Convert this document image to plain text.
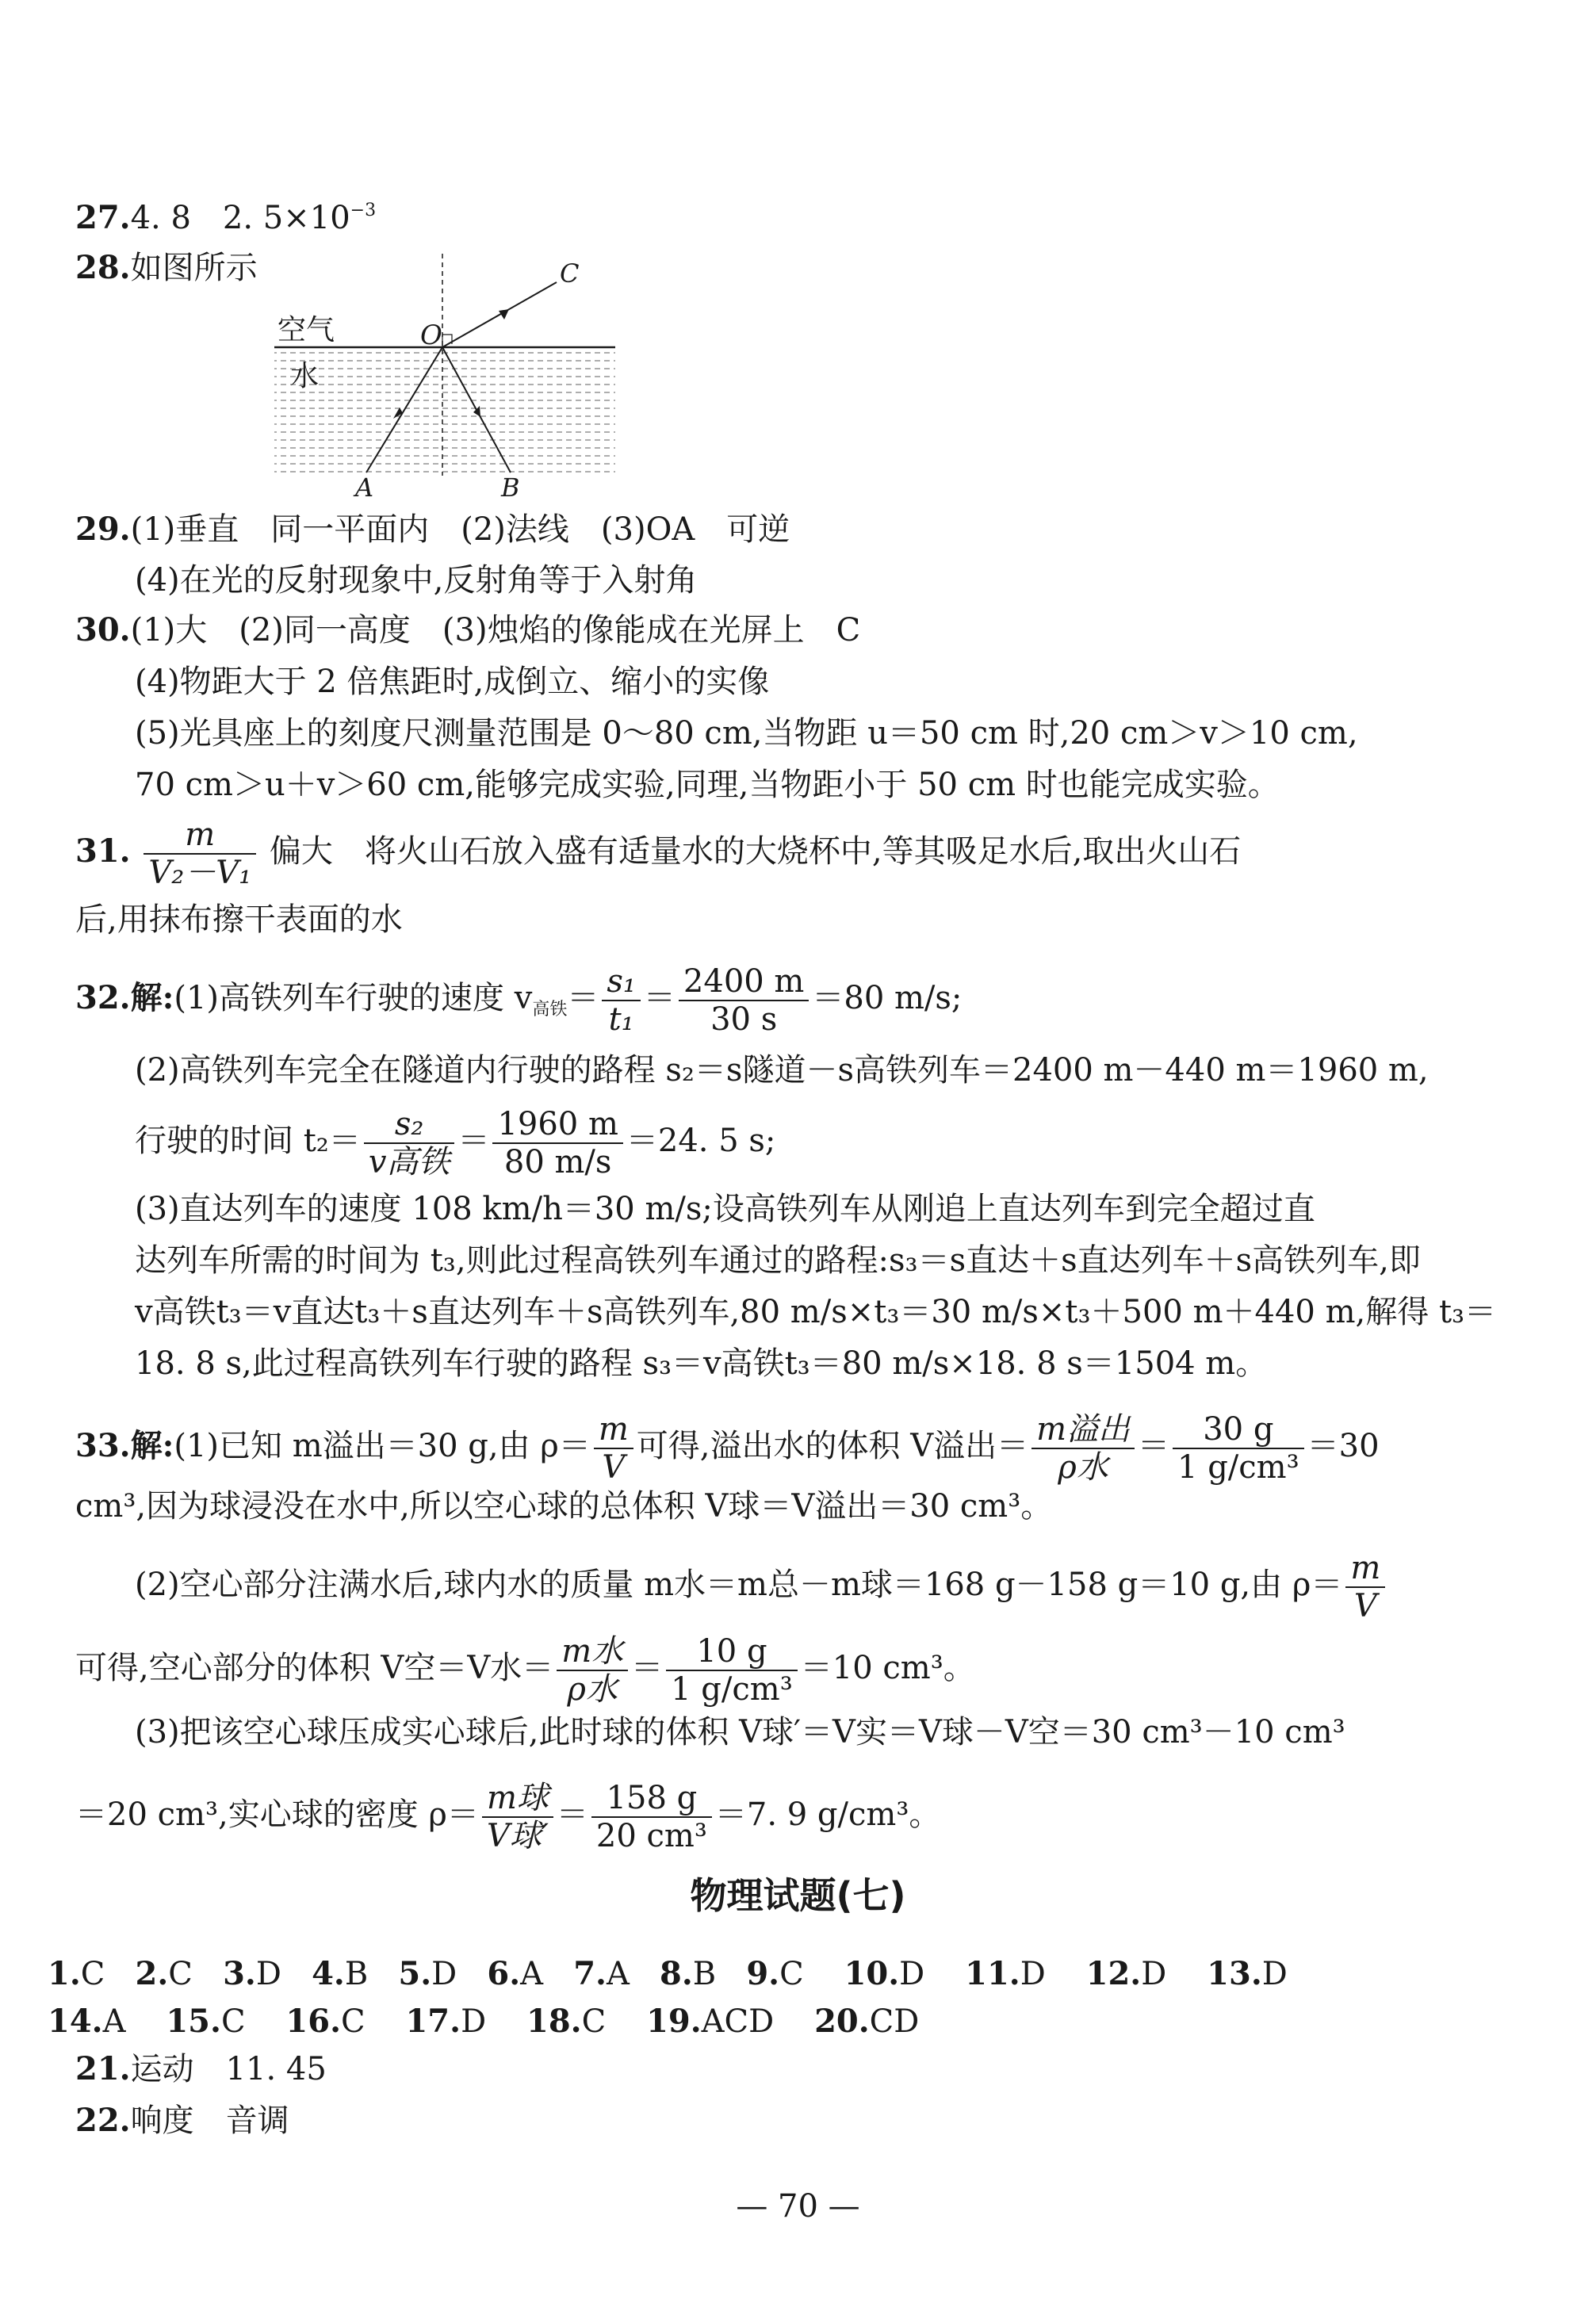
27.4. 8　2. $5\times 10^{-3}$
28.如图所示
空气
水
O
A	B
C
29.(1)垂直　同一平面内　(2)法线　(3)OA　可逆
(4)在光的反射现象中,反射角等于入射角
30.(1)大　(2)同一高度　(3)烛焰的像能成在光屏上　C
(4)物距大于 2 倍焦距时,成倒立、缩小的实像
(5)光具座上的刻度尺测量范围是 0～80 cm,当物距 u＝50 cm 时,20 cm＞v＞10 cm,
70 cm＞u＋v＞60 cm,能够完成实验,同理,当物距小于 50 cm 时也能完成实验。
31. $\frac{m}{\text{V₂－V₁}}$ 偏大　将火山石放入盛有适量水的大烧杯中,等其吸足水后,取出火山石
后,用抹布擦干表面的水
32.解:(1)高铁列车行驶的速度 $v_{高铁}= \frac{\text{s₁}}{\text{t₁}} = \frac{2400 m}{30 s} =80$ m/s;
(2)高铁列车完全在隧道内行驶的路程 s₂＝s隧道－s高铁列车＝2400 m－440 m＝1960 m,
行驶的时间 t₂＝	s₂
v高铁
＝ $\frac{1960 m}{80 m/s} =24$. 5 s;
(3)直达列车的速度 108 km/h＝30 m/s;设高铁列车从刚追上直达列车到完全超过直
达列车所需的时间为 t₃,则此过程高铁列车通过的路程:s₃＝s直达＋s直达列车＋s高铁列车,即
v高铁t₃＝v直达t₃＋s直达列车＋s高铁列车,80 m/s×t₃＝30 m/s×t₃＋500 m＋440 m,解得 t₃＝
18. 8 s,此过程高铁列车行驶的路程 s₃＝v高铁t₃＝80 m/s×18. 8 s＝1504 m。
33.解:(1)已知 m溢出＝30 g,由 $\rho= \frac{m}{V}$ 可得,溢出水的体积 V溢出＝ m溢出
ρ水
＝ $\frac{30 g}{\text{1 g/cm³}} =30$
cm³,因为球浸没在水中,所以空心球的总体积 V球＝V溢出＝30 cm³。
(2)空心部分注满水后,球内水的质量 m水＝m总－m球＝168 g－158 g＝10 g,由 $\rho= \frac{m}{V}$
可得,空心部分的体积 V空＝V水＝ m水
ρ水
＝ $\frac{10 g}{\text{1 g/cm³}} =10$ cm³。
(3)把该空心球压成实心球后,此时球的体积 V球′＝V实＝V球－V空＝30 cm³－10 cm³
＝20 cm³,实心球的密度 ρ＝ m球
V球′
＝ $\frac{158 g}{\text{20 cm³}} =7$. 9 g/cm³。
物理试题(七)
1.C 2.C 3.D 4.B 5.D 6.A 7.A 8.B 9.C 10.D 11.D 12.D 13.D
14.A 15.C 16.C 17.D 18.C 19.ACD 20.CD
21.运动　11. 45
22.响度　音调
— 70 —
